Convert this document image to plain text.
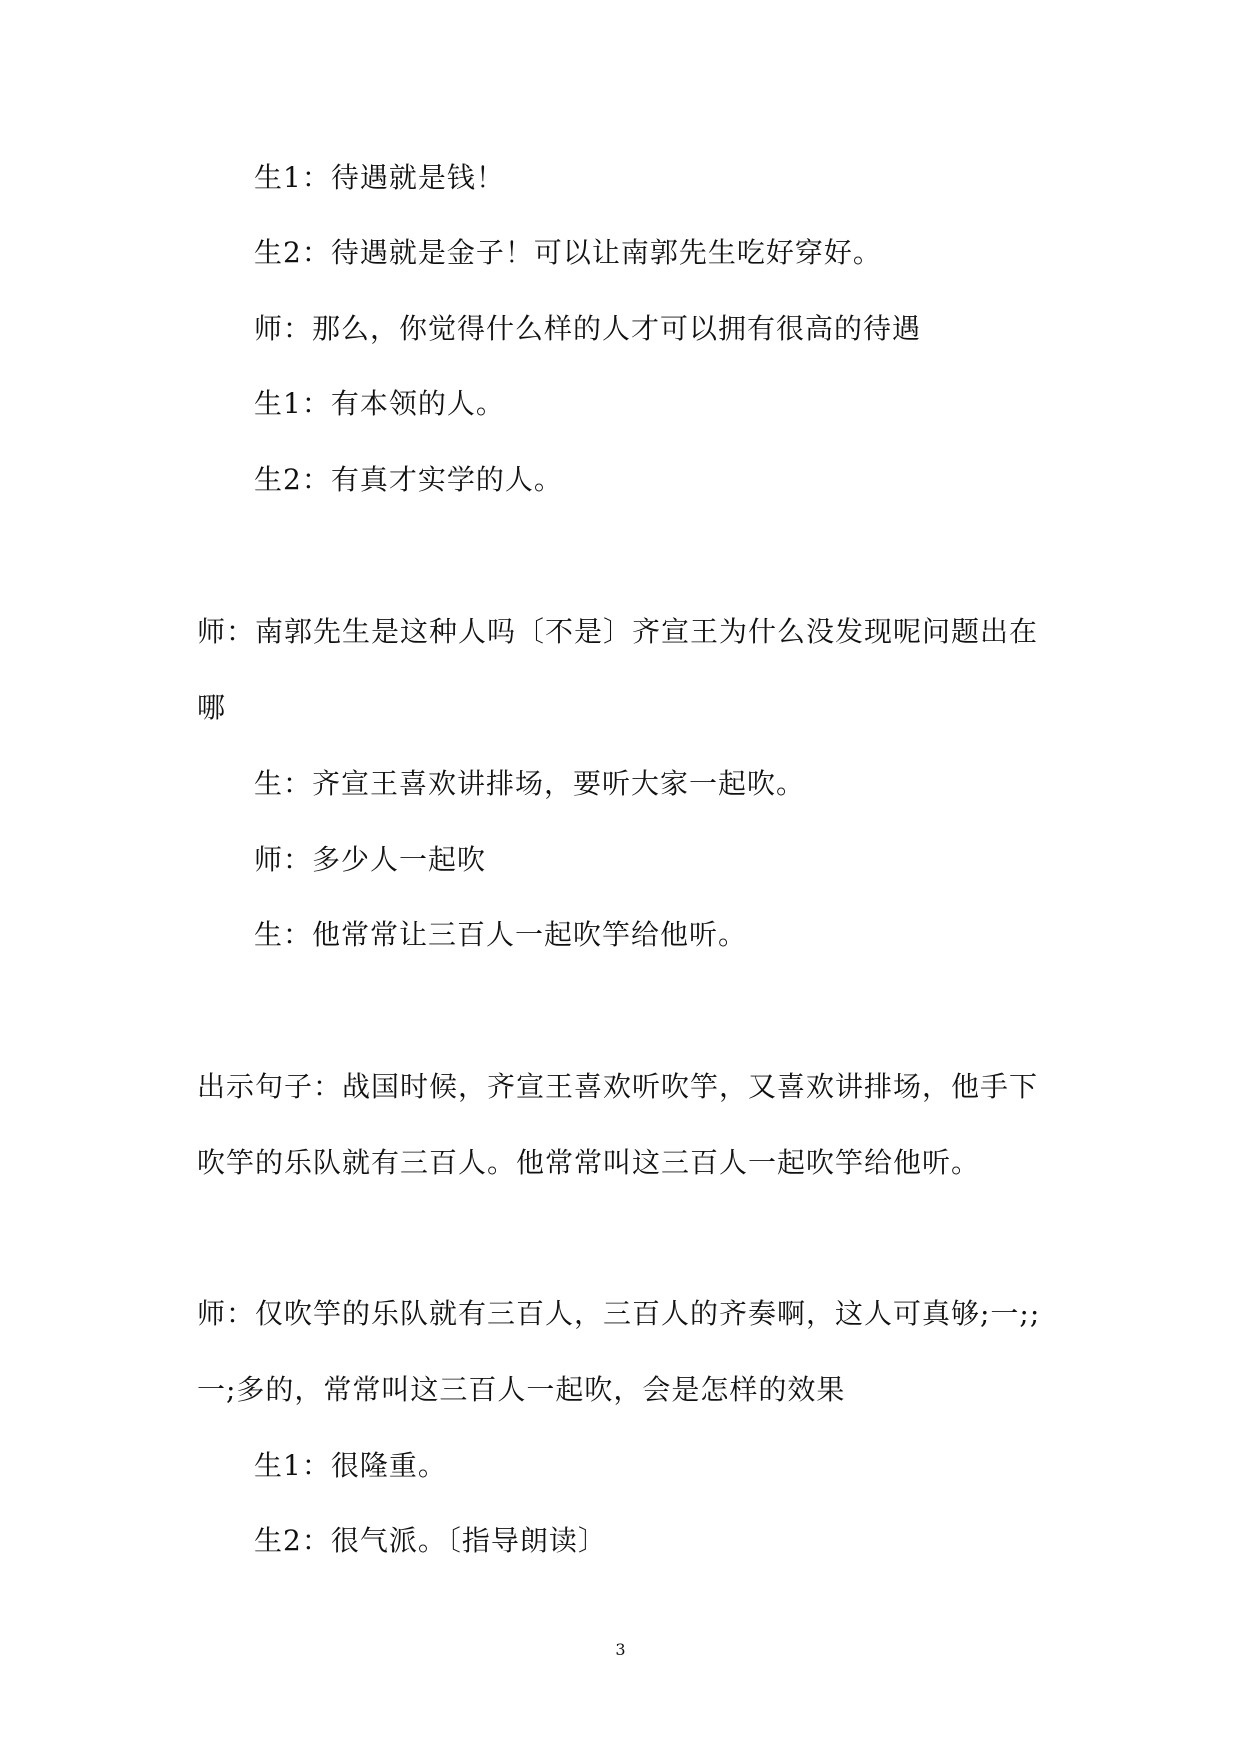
生1：待遇就是钱！
生2：待遇就是金子！可以让南郭先生吃好穿好。
师：那么，你觉得什么样的人才可以拥有很高的待遇
生1：有本领的人。
生2：有真才实学的人。
师：南郭先生是这种人吗〔不是〕齐宣王为什么没发现呢问题出在
哪
生：齐宣王喜欢讲排场，要听大家一起吹。
师：多少人一起吹
生：他常常让三百人一起吹竽给他听。
出示句子：战国时候，齐宣王喜欢听吹竽，又喜欢讲排场，他手下
吹竽的乐队就有三百人。他常常叫这三百人一起吹竽给他听。
师：仅吹竽的乐队就有三百人，三百人的齐奏啊，这人可真够;一;;
一;多的，常常叫这三百人一起吹，会是怎样的效果
生1：很隆重。
生2：很气派。〔指导朗读〕
3
